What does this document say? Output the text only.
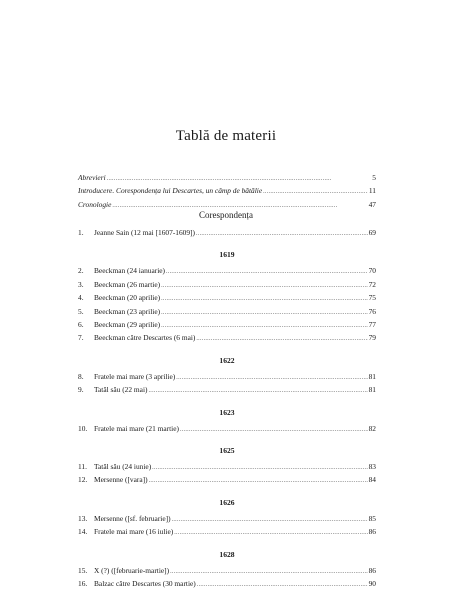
Tablă de materii
Abrevieri . . .	5
Introducere. Corespondența lui Descartes, un câmp de bătălie . . .	11
Cronologie . . .	47
Corespondența
1.	Jeanne Sain (12 mai [1607-1609]) . . .	69
1619
2.	Beeckman (24 ianuarie) . . .	70
3.	Beeckman (26 martie) . . .	72
4.	Beeckman (20 aprilie) . . .	75
5.	Beeckman (23 aprilie) . . .	76
6.	Beeckman (29 aprilie) . . .	77
7.	Beeckman către Descartes (6 mai) . . .	79
1622
8.	Fratele mai mare (3 aprilie) . . .	81
9.	Tatăl său (22 mai) . . .	81
1623
10. Fratele mai mare (21 martie) . . .	82
1625
11. Tatăl său (24 iunie) . . .	83
12. Mersenne ([vara]) . . .	84
1626
13. Mersenne ([sf. februarie]) . . .	85
14. Fratele mai mare (16 iulie) . . .	86
1628
15. X (?) ([februarie-martie]) . . .	86
16. Balzac către Descartes (30 martie) . . .	90
